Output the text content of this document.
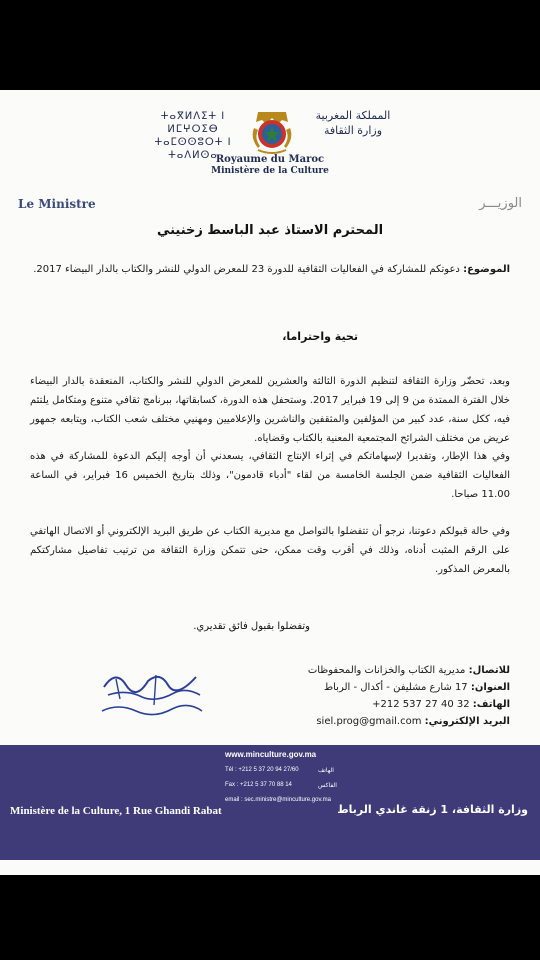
ⵜⴰⴳⵍⴷⵉⵜ ⵏ ⵍⵎⵖⵔⵉⴱ
ⵜⴰⵎⵙⵙⵓⵔⵜ ⵏ ⵜⴰⴷⵍⵙⴰ
المملكة المغربية
وزارة الثقافة
Royaume du Maroc
Ministère de la Culture
Le Ministre	الوزيـــر
المحترم الاستاذ عبد الباسط زخنيني
الموضوع: دعوتكم للمشاركة في الفعاليات الثقافية للدورة 23 للمعرض الدولي للنشر والكتاب بالدار البيضاء 2017.
تحية واحتراما،
وبعد، تحضّر وزارة الثقافة لتنظيم الدورة الثالثة والعشرين للمعرض الدولي للنشر والكتاب، المنعقدة بالدار البيضاء خلال الفترة الممتدة من 9 إلى 19 فبراير 2017. وستحفل هذه الدورة، كسابقاتها، ببرنامج ثقافي متنوع ومتكامل يلتئم فيه، ككل سنة، عدد كبير من المؤلفين والمثقفين والناشرين والإعلاميين ومهنيي مختلف شعب الكتاب، ويتابعه جمهور عريض من مختلف الشرائح المجتمعية المعنية بالكتاب وقضاياه.
وفي هذا الإطار، وتقديرا لإسهاماتكم في إثراء الإنتاج الثقافي، يسعدني أن أوجه إليكم الدعوة للمشاركة في هذه الفعاليات الثقافية ضمن الجلسة الخامسة من لقاء "أدباء قادمون"، وذلك بتاريخ الخميس 16 فبراير، في الساعة 11.00 صباحا.
وفي حالة قبولكم دعوتنا، نرجو أن تتفضلوا بالتواصل مع مديرية الكتاب عن طريق البريد الإلكتروني أو الاتصال الهاتفي على الرقم المثبت أدناه، وذلك في أقرب وقت ممكن، حتى تتمكن وزارة الثقافة من ترتيب تفاصيل مشاركتكم بالمعرض المذكور.
وتفضلوا بقبول فائق تقديري.
للاتصال: مديرية الكتاب والخزانات والمحفوظات
العنوان: 17 شارع مشليفن - أكدال - الرباط
الهاتف: +212 537 27 40 32
البريد الإلكتروني: siel.prog@gmail.com
www.minculture.gov.ma
Tél : +212 5 37 20 94 27/60	الهاتف
Fax : +212 5 37 70 88 14	الفاكس
email : sec.ministre@minculture.gov.ma
Ministère de la Culture, 1 Rue Ghandi Rabat	وزارة الثقافة، 1 زنقة غاندي الرباط
